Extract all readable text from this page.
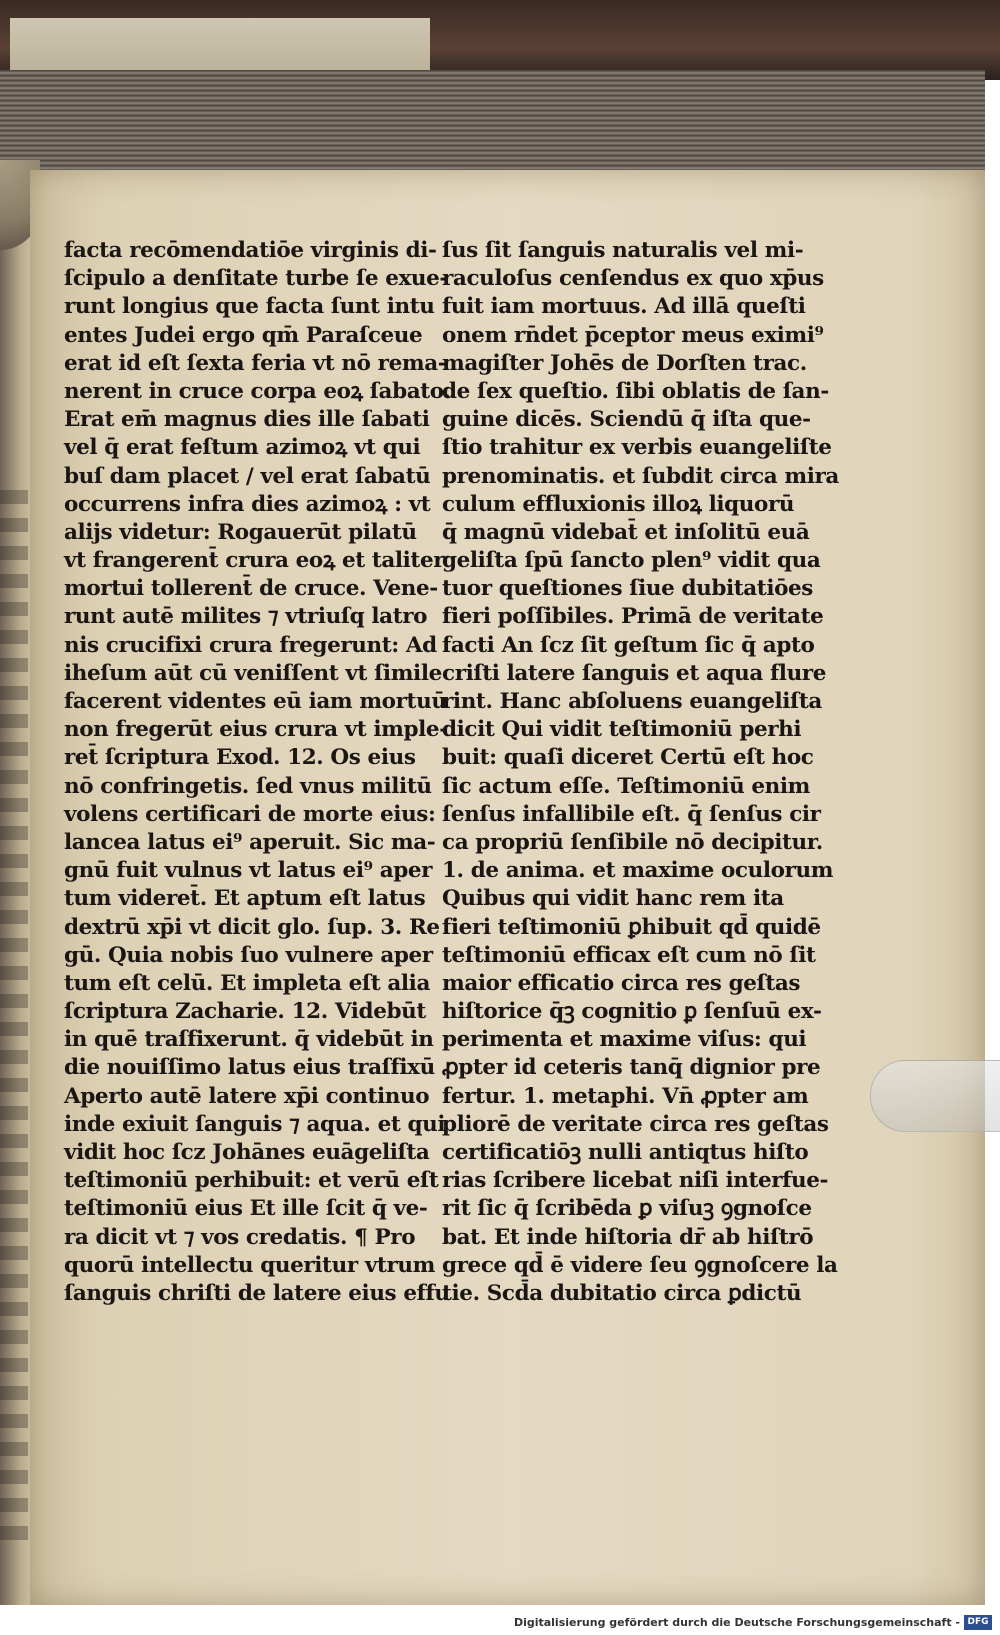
facta recōmendatiōe virginis di-
ſcipulo a denſitate turbe ſe exue-
runt longius que facta ſunt intu
entes Judei ergo qm̄ Paraſceue
erat id eſt ſexta feria vt nō rema-
nerent in cruce corpa eoꝝ ſabato.
Erat em̄ magnus dies ille ſabati
vel q̄ erat feſtum azimoꝝ vt qui
buſ dam placet / vel erat ſabatū
occurrens infra dies azimoꝝ : vt
alijs videtur: Rogauerūt pilatū
vt frangerent̄ crura eoꝝ et taliter
mortui tollerent̄ de cruce. Vene-
runt autē milites ⁊ vtriuſq latro
nis crucifixi crura fregerunt: Ad
iheſum aūt cū veniſſent vt ſimile
facerent videntes eū iam mortuū
non fregerūt eius crura vt imple-
ret̄ ſcriptura Exod. 12. Os eius
nō confringetis. ſed vnus militū
volens certificari de morte eius:
lancea latus ei⁹ aperuit. Sic ma-
gnū fuit vulnus vt latus ei⁹ aper
tum videret̄. Et aptum eſt latus
dextrū xp̄i vt dicit glo. ſup. 3. Re
gū. Quia nobis ſuo vulnere aper
tum eſt celū. Et impleta eſt alia
ſcriptura Zacharie. 12. Videbūt
in quē traſfixerunt. q̄ videbūt in
die nouiſſimo latus eius traſfixū
Aperto autē latere xp̄i continuo
inde exiuit ſanguis ⁊ aqua. et qui
vidit hoc ſcz Johānes euāgeliſta
teſtimoniū perhibuit: et verū eſt
teſtimoniū eius Et ille ſcit q̄ ve-
ra dicit vt ⁊ vos credatis. ¶ Pro
quorū intellectu queritur vtrum
ſanguis chriſti de latere eius effu
ſus ſit ſanguis naturalis vel mi-
raculoſus cenſendus ex quo xp̄us
fuit iam mortuus. Ad illā queſti
onem rn̄det p̄ceptor meus eximi⁹
magiſter Johēs de Dorſten trac.
de ſex queſtio. ſibi oblatis de ſan-
guine dicēs. Sciendū q̄ iſta que-
ſtio trahitur ex verbis euangeliſte
prenominatis. et ſubdit circa mira
culum effluxionis illoꝝ liquorū
q̄ magnū videbat̄ et inſolitū euā
geliſta ſpū ſancto plen⁹ vidit qua
tuor queſtiones ſiue dubitatiōes
fieri poſſibiles. Primā de veritate
facti An ſcz ſit geſtum ſic q̄ apto
criſti latere ſanguis et aqua flure
rint. Hanc abſoluens euangeliſta
dicit Qui vidit teſtimoniū perhi
buit: quaſi diceret Certū eſt hoc
ſic actum eſſe. Teſtimoniū enim
ſenſus infallibile eſt. q̄ ſenſus cir
ca propriū ſenſibile nō decipitur.
1. de anima. et maxime oculorum
Quibus qui vidit hanc rem ita
fieri teſtimoniū ꝑhibuit qd̄ quidē
teſtimoniū efficax eſt cum nō ſit
maior efficatio circa res geſtas
hiſtorice q̄ꝫ cognitio ꝑ ſenſuū ex-
perimenta et maxime viſus: qui
ꝓpter id ceteris tanq̄ dignior pre
fertur. 1. metaphi. Vn̄ ꝓpter am
pliorē de veritate circa res geſtas
certificatiōꝫ nulli antiqtus hiſto
rias ſcribere licebat niſi interfue-
rit ſic q̄ ſcribēda ꝑ viſuꝫ ꝯgnoſce
bat. Et inde hiſtoria dr̄ ab hiſtrō
grece qd̄ ē videre ſeu ꝯgnoſcere la
tie. Scd̄a dubitatio circa ꝑdictū
Digitalisierung gefördert durch die Deutsche Forschungsgemeinschaft - DFG
